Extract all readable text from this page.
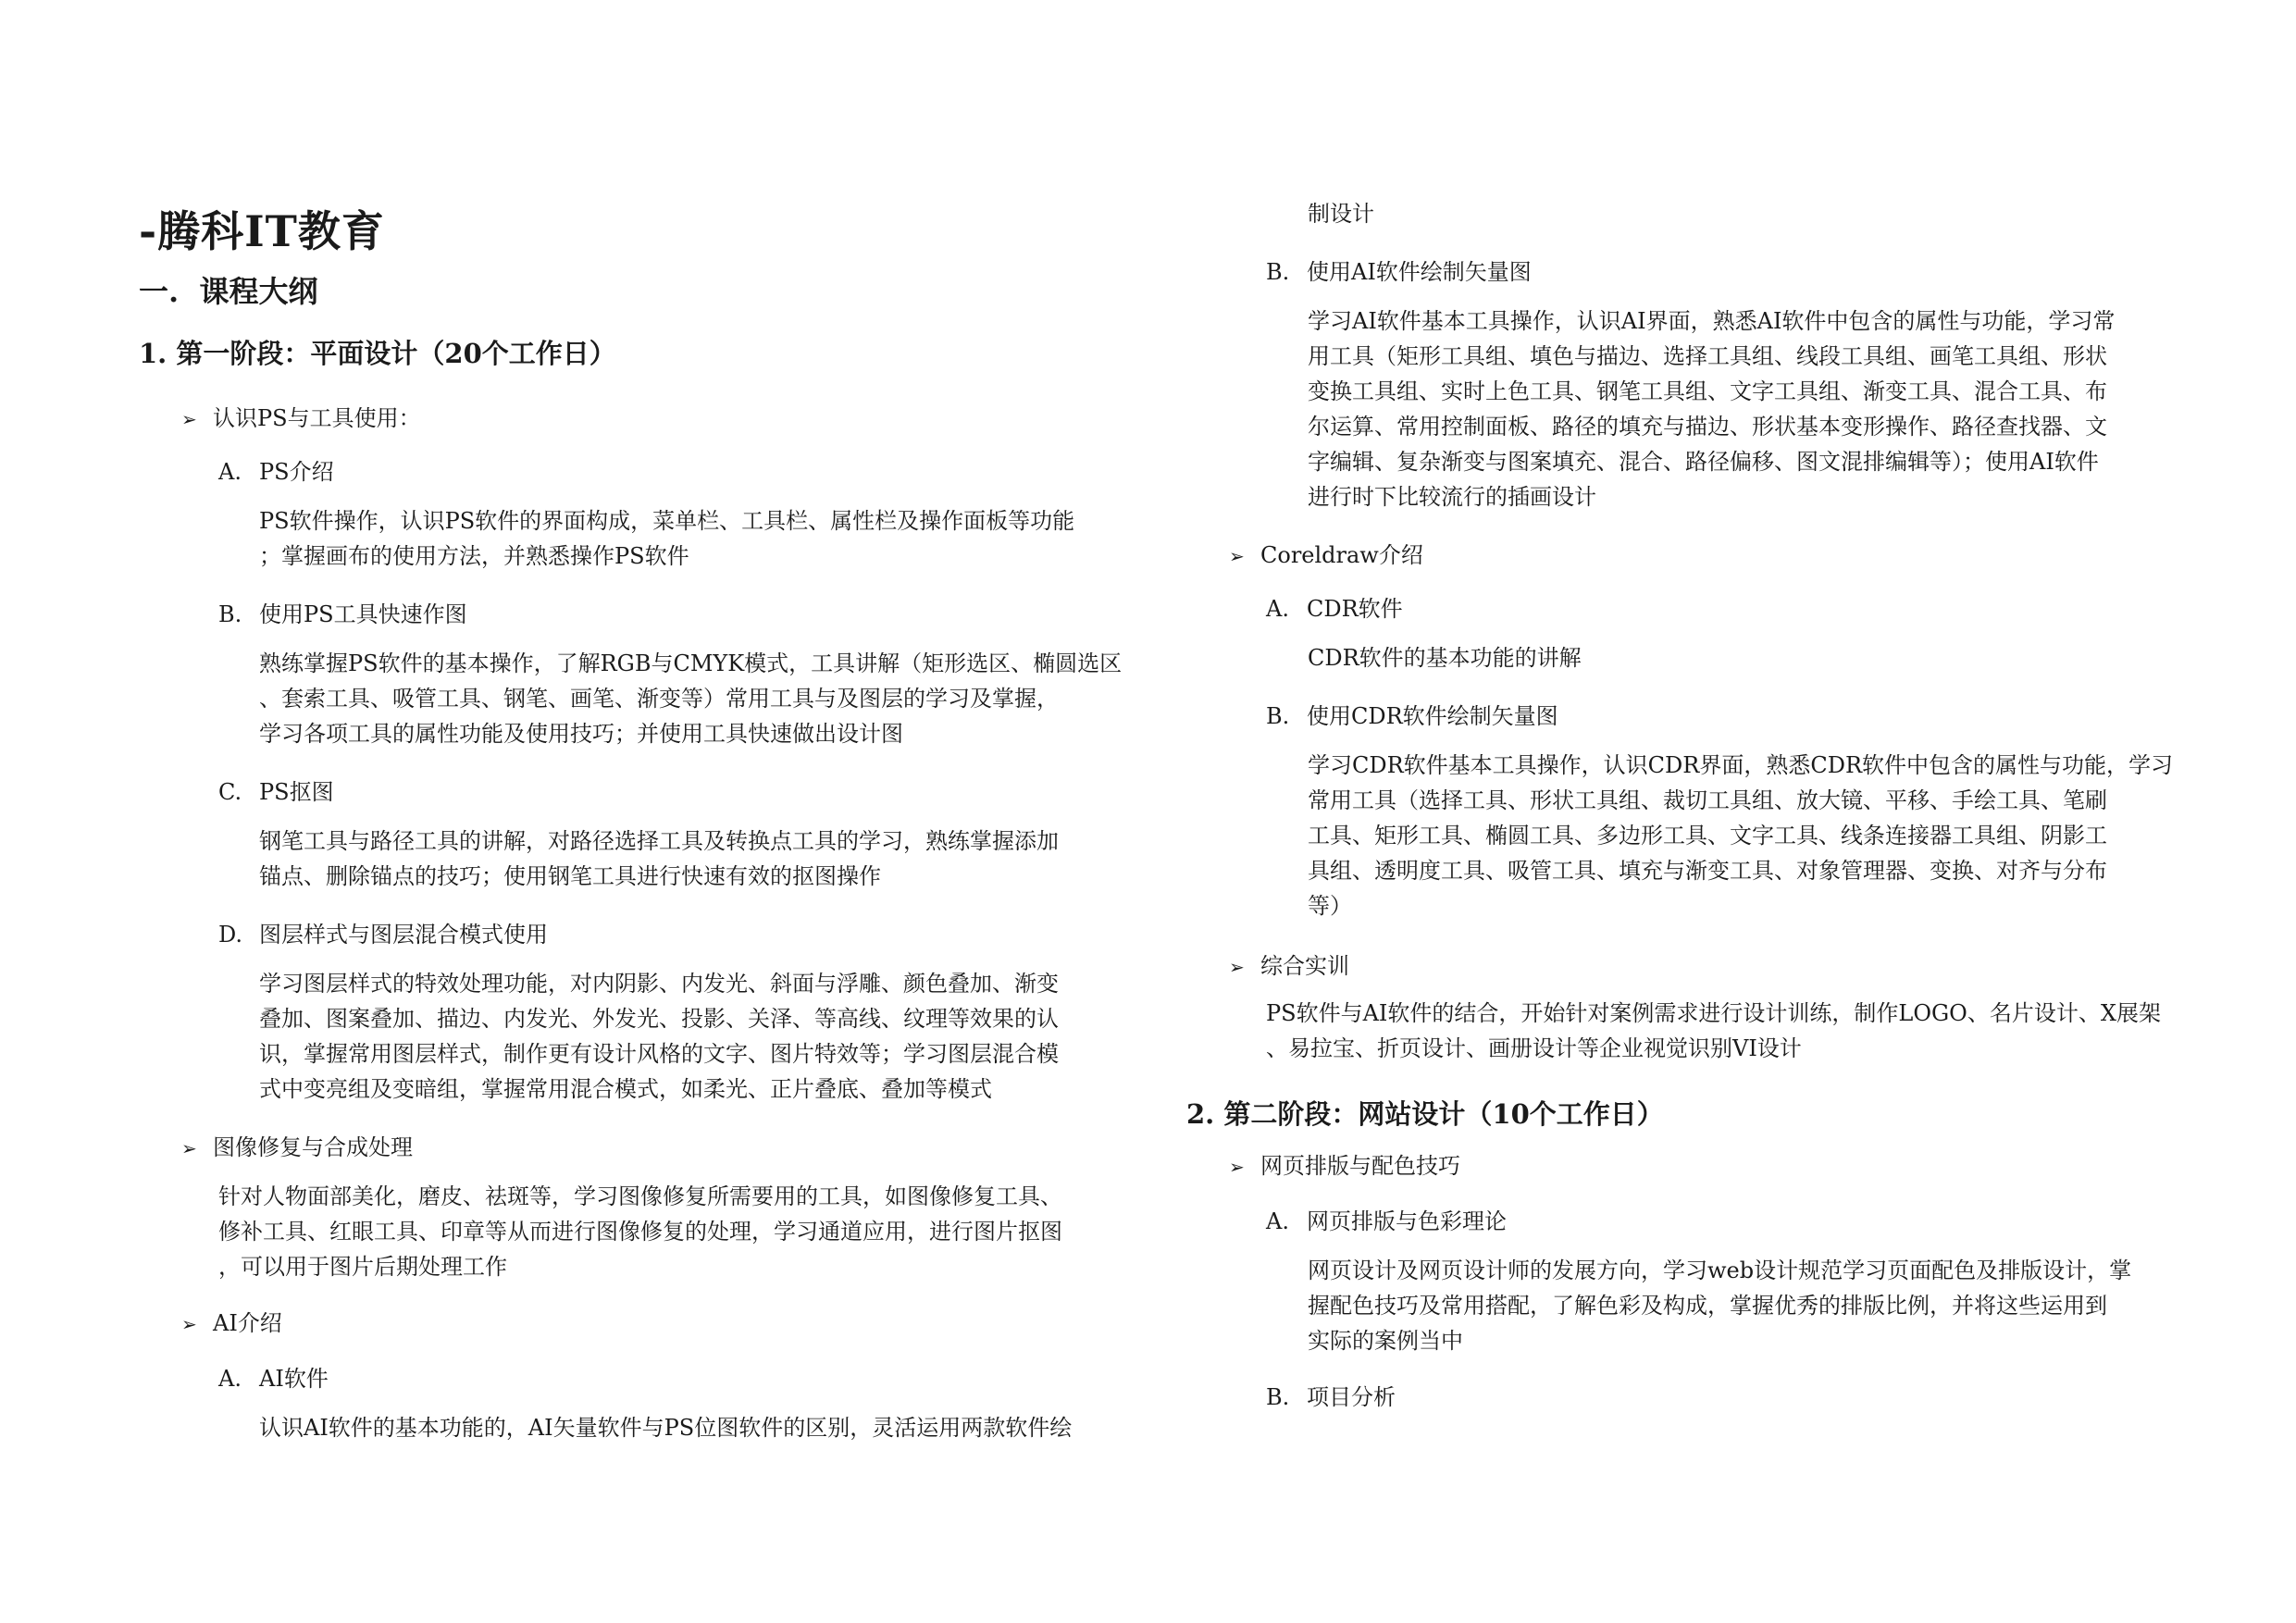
-腾科IT教育
一. 课程大纲
1. 第一阶段：平面设计（20个工作日）
➢ 认识PS与工具使用：
A. PS介绍
PS软件操作，认识PS软件的界面构成，菜单栏、工具栏、属性栏及操作面板等功能
；掌握画布的使用方法，并熟悉操作PS软件
B. 使用PS工具快速作图
熟练掌握PS软件的基本操作，了解RGB与CMYK模式，工具讲解（矩形选区、椭圆选区
、套索工具、吸管工具、钢笔、画笔、渐变等）常用工具与及图层的学习及掌握，
学习各项工具的属性功能及使用技巧；并使用工具快速做出设计图
C. PS抠图
钢笔工具与路径工具的讲解，对路径选择工具及转换点工具的学习，熟练掌握添加
锚点、删除锚点的技巧；使用钢笔工具进行快速有效的抠图操作
D. 图层样式与图层混合模式使用
学习图层样式的特效处理功能，对内阴影、内发光、斜面与浮雕、颜色叠加、渐变
叠加、图案叠加、描边、内发光、外发光、投影、关泽、等高线、纹理等效果的认
识，掌握常用图层样式，制作更有设计风格的文字、图片特效等；学习图层混合模
式中变亮组及变暗组，掌握常用混合模式，如柔光、正片叠底、叠加等模式
➢ 图像修复与合成处理
针对人物面部美化，磨皮、祛斑等，学习图像修复所需要用的工具，如图像修复工具、
修补工具、红眼工具、印章等从而进行图像修复的处理，学习通道应用，进行图片抠图
，可以用于图片后期处理工作
➢ AI介绍
A. AI软件
认识AI软件的基本功能的，AI矢量软件与PS位图软件的区别，灵活运用两款软件绘
制设计
B. 使用AI软件绘制矢量图
学习AI软件基本工具操作，认识AI界面，熟悉AI软件中包含的属性与功能，学习常
用工具（矩形工具组、填色与描边、选择工具组、线段工具组、画笔工具组、形状
变换工具组、实时上色工具、钢笔工具组、文字工具组、渐变工具、混合工具、布
尔运算、常用控制面板、路径的填充与描边、形状基本变形操作、路径查找器、文
字编辑、复杂渐变与图案填充、混合、路径偏移、图文混排编辑等）；使用AI软件
进行时下比较流行的插画设计
➢ Coreldraw介绍
A. CDR软件
CDR软件的基本功能的讲解
B. 使用CDR软件绘制矢量图
学习CDR软件基本工具操作，认识CDR界面，熟悉CDR软件中包含的属性与功能，学习
常用工具（选择工具、形状工具组、裁切工具组、放大镜、平移、手绘工具、笔刷
工具、矩形工具、椭圆工具、多边形工具、文字工具、线条连接器工具组、阴影工
具组、透明度工具、吸管工具、填充与渐变工具、对象管理器、变换、对齐与分布
等）
➢ 综合实训
PS软件与AI软件的结合，开始针对案例需求进行设计训练，制作LOGO、名片设计、X展架
、易拉宝、折页设计、画册设计等企业视觉识别VI设计
2. 第二阶段：网站设计（10个工作日）
➢ 网页排版与配色技巧
A. 网页排版与色彩理论
网页设计及网页设计师的发展方向，学习web设计规范学习页面配色及排版设计，掌
握配色技巧及常用搭配，了解色彩及构成，掌握优秀的排版比例，并将这些运用到
实际的案例当中
B. 项目分析
